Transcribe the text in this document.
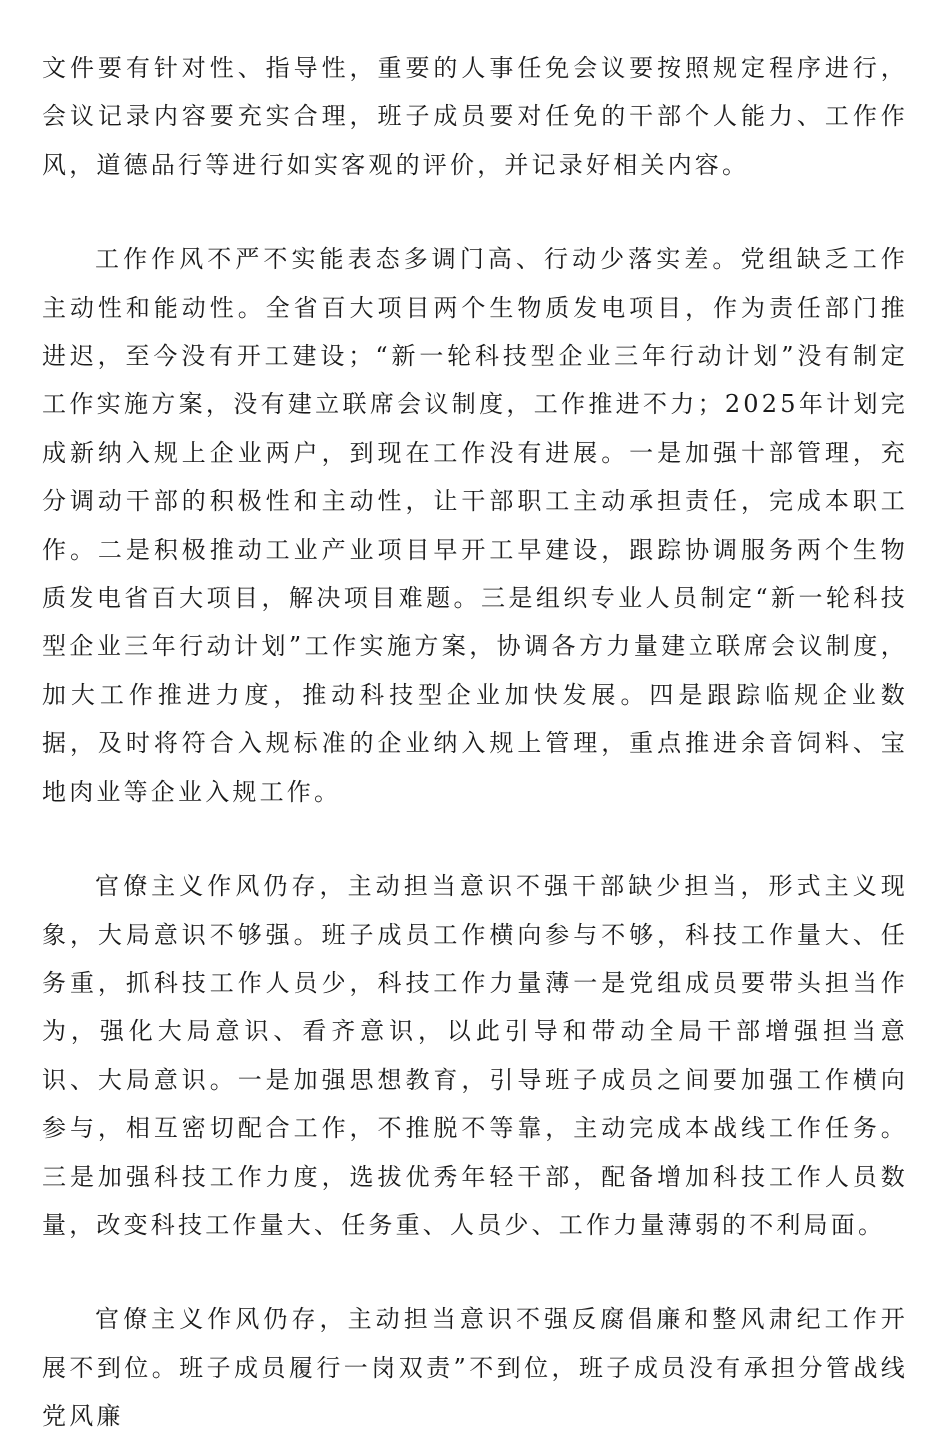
文件要有针对性、指导性，重要的人事任免会议要按照规定程序进行，会议记录内容要充实合理，班子成员要对任免的干部个人能力、工作作风，道德品行等进行如实客观的评价，并记录好相关内容。

工作作风不严不实能表态多调门高、行动少落实差。党组缺乏工作主动性和能动性。全省百大项目两个生物质发电项目，作为责任部门推进迟，至今没有开工建设；“新一轮科技型企业三年行动计划”没有制定工作实施方案，没有建立联席会议制度，工作推进不力；2025年计划完成新纳入规上企业两户，到现在工作没有进展。一是加强十部管理，充分调动干部的积极性和主动性，让干部职工主动承担责任，完成本职工作。二是积极推动工业产业项目早开工早建设，跟踪协调服务两个生物质发电省百大项目，解决项目难题。三是组织专业人员制定“新一轮科技型企业三年行动计划”工作实施方案，协调各方力量建立联席会议制度，加大工作推进力度，推动科技型企业加快发展。四是跟踪临规企业数据，及时将符合入规标准的企业纳入规上管理，重点推进余音饲料、宝地肉业等企业入规工作。

官僚主义作风仍存，主动担当意识不强干部缺少担当，形式主义现象，大局意识不够强。班子成员工作横向参与不够，科技工作量大、任务重，抓科技工作人员少，科技工作力量薄一是党组成员要带头担当作为，强化大局意识、看齐意识，以此引导和带动全局干部增强担当意识、大局意识。一是加强思想教育，引导班子成员之间要加强工作横向参与，相互密切配合工作，不推脱不等靠，主动完成本战线工作任务。三是加强科技工作力度，选拔优秀年轻干部，配备增加科技工作人员数量，改变科技工作量大、任务重、人员少、工作力量薄弱的不利局面。

官僚主义作风仍存，主动担当意识不强反腐倡廉和整风肃纪工作开展不到位。班子成员履行一岗双责”不到位，班子成员没有承担分管战线党风廉
